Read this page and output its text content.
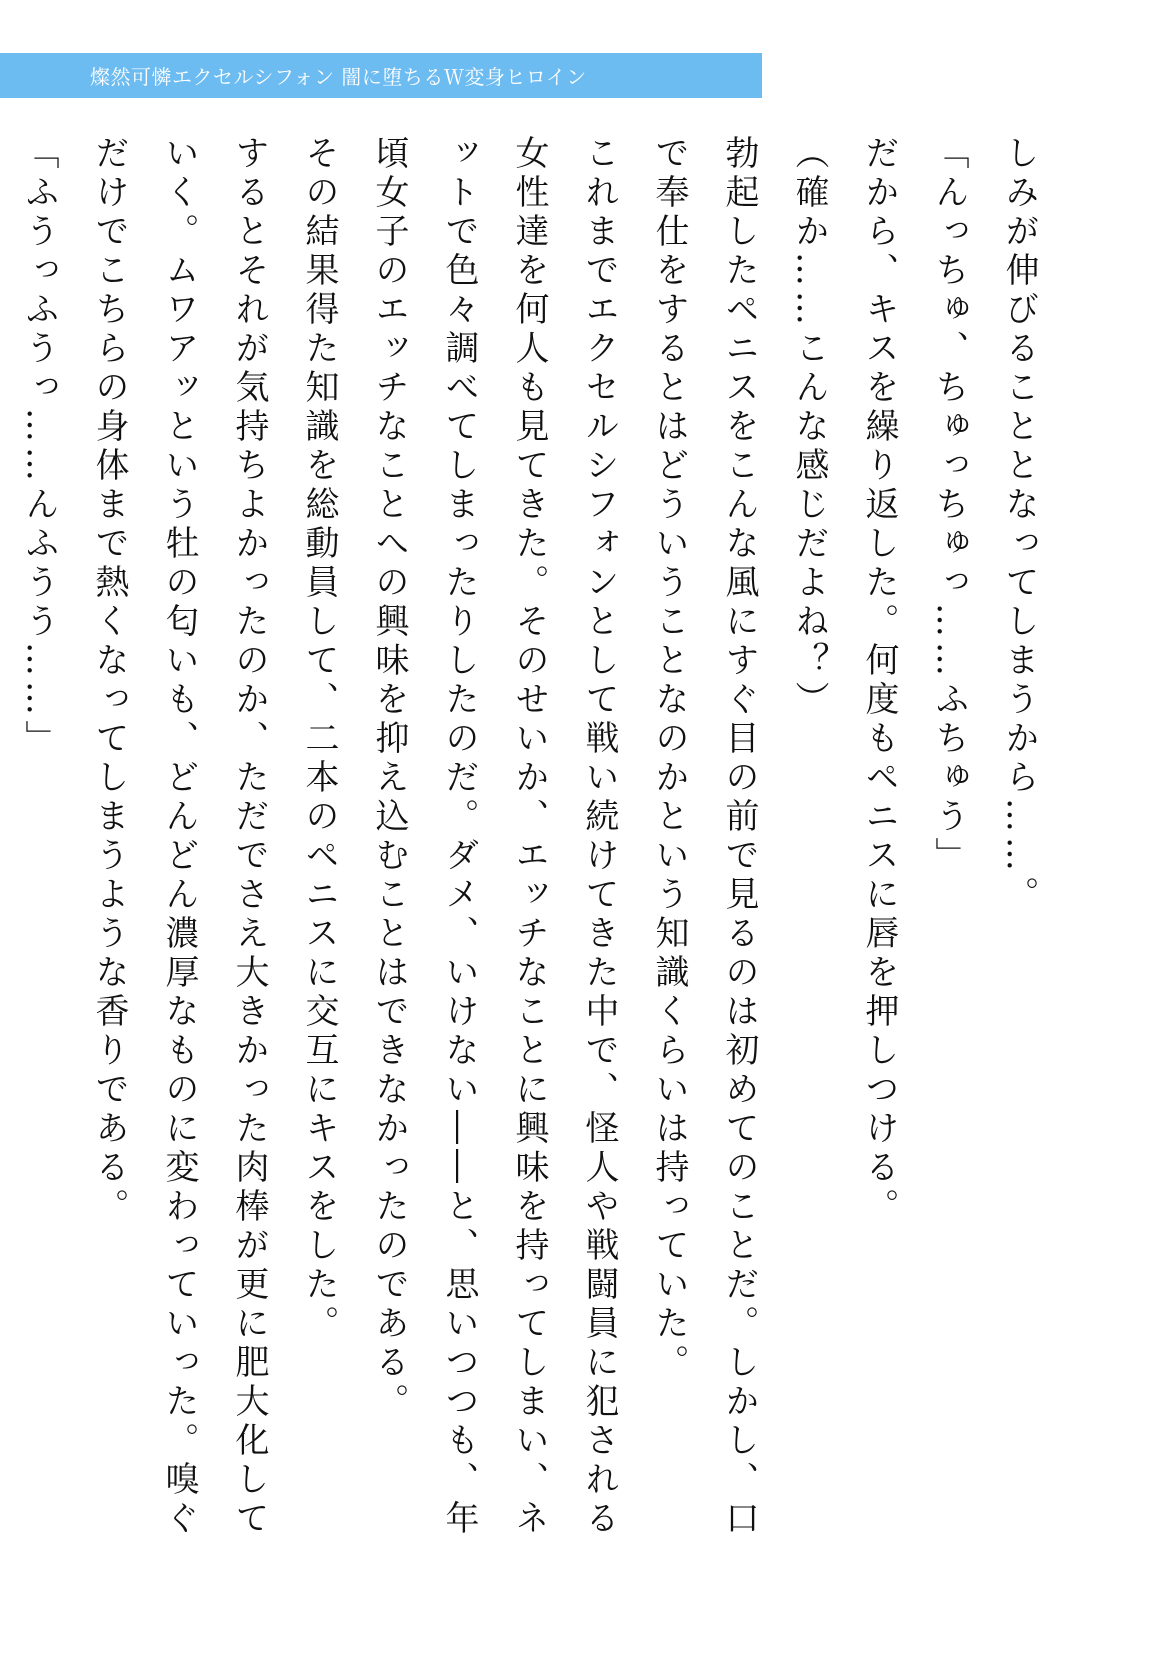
燦然可憐エクセルシフォン 闇に堕ちるＷ変身ヒロイン

しみが伸びることとなってしまうから……。

「んっちゅ、ちゅっちゅっ……ふちゅう」

だから、キスを繰り返した。何度もペニスに唇を押しつける。

（確か……こんな感じだよね？）

勃起したペニスをこんな風にすぐ目の前で見るのは初めてのことだ。しかし、口で奉仕をするとはどういうことなのかという知識くらいは持っていた。

これまでエクセルシフォンとして戦い続けてきた中で、怪人や戦闘員に犯される女性達を何人も見てきた。そのせいか、エッチなことに興味を持ってしまい、ネットで色々調べてしまったりしたのだ。ダメ、いけない――と、思いつつも、年頃女子のエッチなことへの興味を抑え込むことはできなかったのである。

その結果得た知識を総動員して、二本のペニスに交互にキスをした。

するとそれが気持ちよかったのか、ただでさえ大きかった肉棒が更に肥大化していく。ムワアッという牡の匂いも、どんどん濃厚なものに変わっていった。嗅ぐだけでこちらの身体まで熱くなってしまうような香りである。

「ふうっふうっ……んふうう……」
